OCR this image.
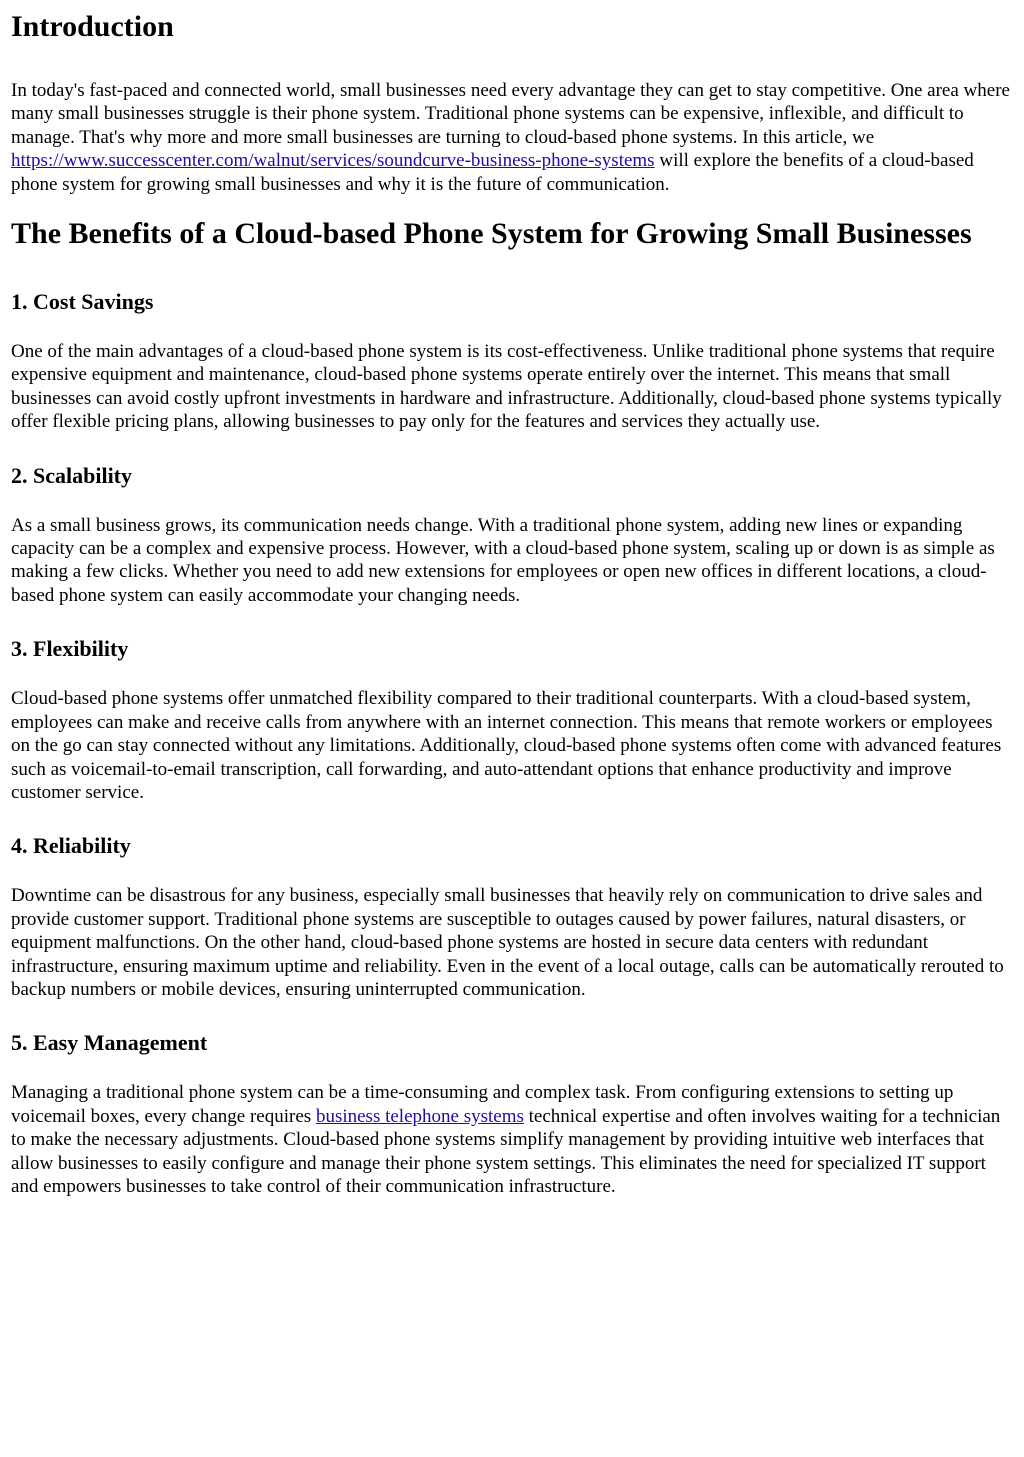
Introduction

In today's fast-paced and connected world, small businesses need every advantage they can get to stay competitive. One area where many small businesses struggle is their phone system. Traditional phone systems can be expensive, inflexible, and difficult to manage. That's why more and more small businesses are turning to cloud-based phone systems. In this article, we https://www.successcenter.com/walnut/services/soundcurve-business-phone-systems will explore the benefits of a cloud-based phone system for growing small businesses and why it is the future of communication.

The Benefits of a Cloud-based Phone System for Growing Small Businesses
1. Cost Savings

One of the main advantages of a cloud-based phone system is its cost-effectiveness. Unlike traditional phone systems that require expensive equipment and maintenance, cloud-based phone systems operate entirely over the internet. This means that small businesses can avoid costly upfront investments in hardware and infrastructure. Additionally, cloud-based phone systems typically offer flexible pricing plans, allowing businesses to pay only for the features and services they actually use.

2. Scalability

As a small business grows, its communication needs change. With a traditional phone system, adding new lines or expanding capacity can be a complex and expensive process. However, with a cloud-based phone system, scaling up or down is as simple as making a few clicks. Whether you need to add new extensions for employees or open new offices in different locations, a cloud-based phone system can easily accommodate your changing needs.

3. Flexibility

Cloud-based phone systems offer unmatched flexibility compared to their traditional counterparts. With a cloud-based system, employees can make and receive calls from anywhere with an internet connection. This means that remote workers or employees on the go can stay connected without any limitations. Additionally, cloud-based phone systems often come with advanced features such as voicemail-to-email transcription, call forwarding, and auto-attendant options that enhance productivity and improve customer service.

4. Reliability

Downtime can be disastrous for any business, especially small businesses that heavily rely on communication to drive sales and provide customer support. Traditional phone systems are susceptible to outages caused by power failures, natural disasters, or equipment malfunctions. On the other hand, cloud-based phone systems are hosted in secure data centers with redundant infrastructure, ensuring maximum uptime and reliability. Even in the event of a local outage, calls can be automatically rerouted to backup numbers or mobile devices, ensuring uninterrupted communication.

5. Easy Management

Managing a traditional phone system can be a time-consuming and complex task. From configuring extensions to setting up voicemail boxes, every change requires business telephone systems technical expertise and often involves waiting for a technician to make the necessary adjustments. Cloud-based phone systems simplify management by providing intuitive web interfaces that allow businesses to easily configure and manage their phone system settings. This eliminates the need for specialized IT support and empowers businesses to take control of their communication infrastructure.
